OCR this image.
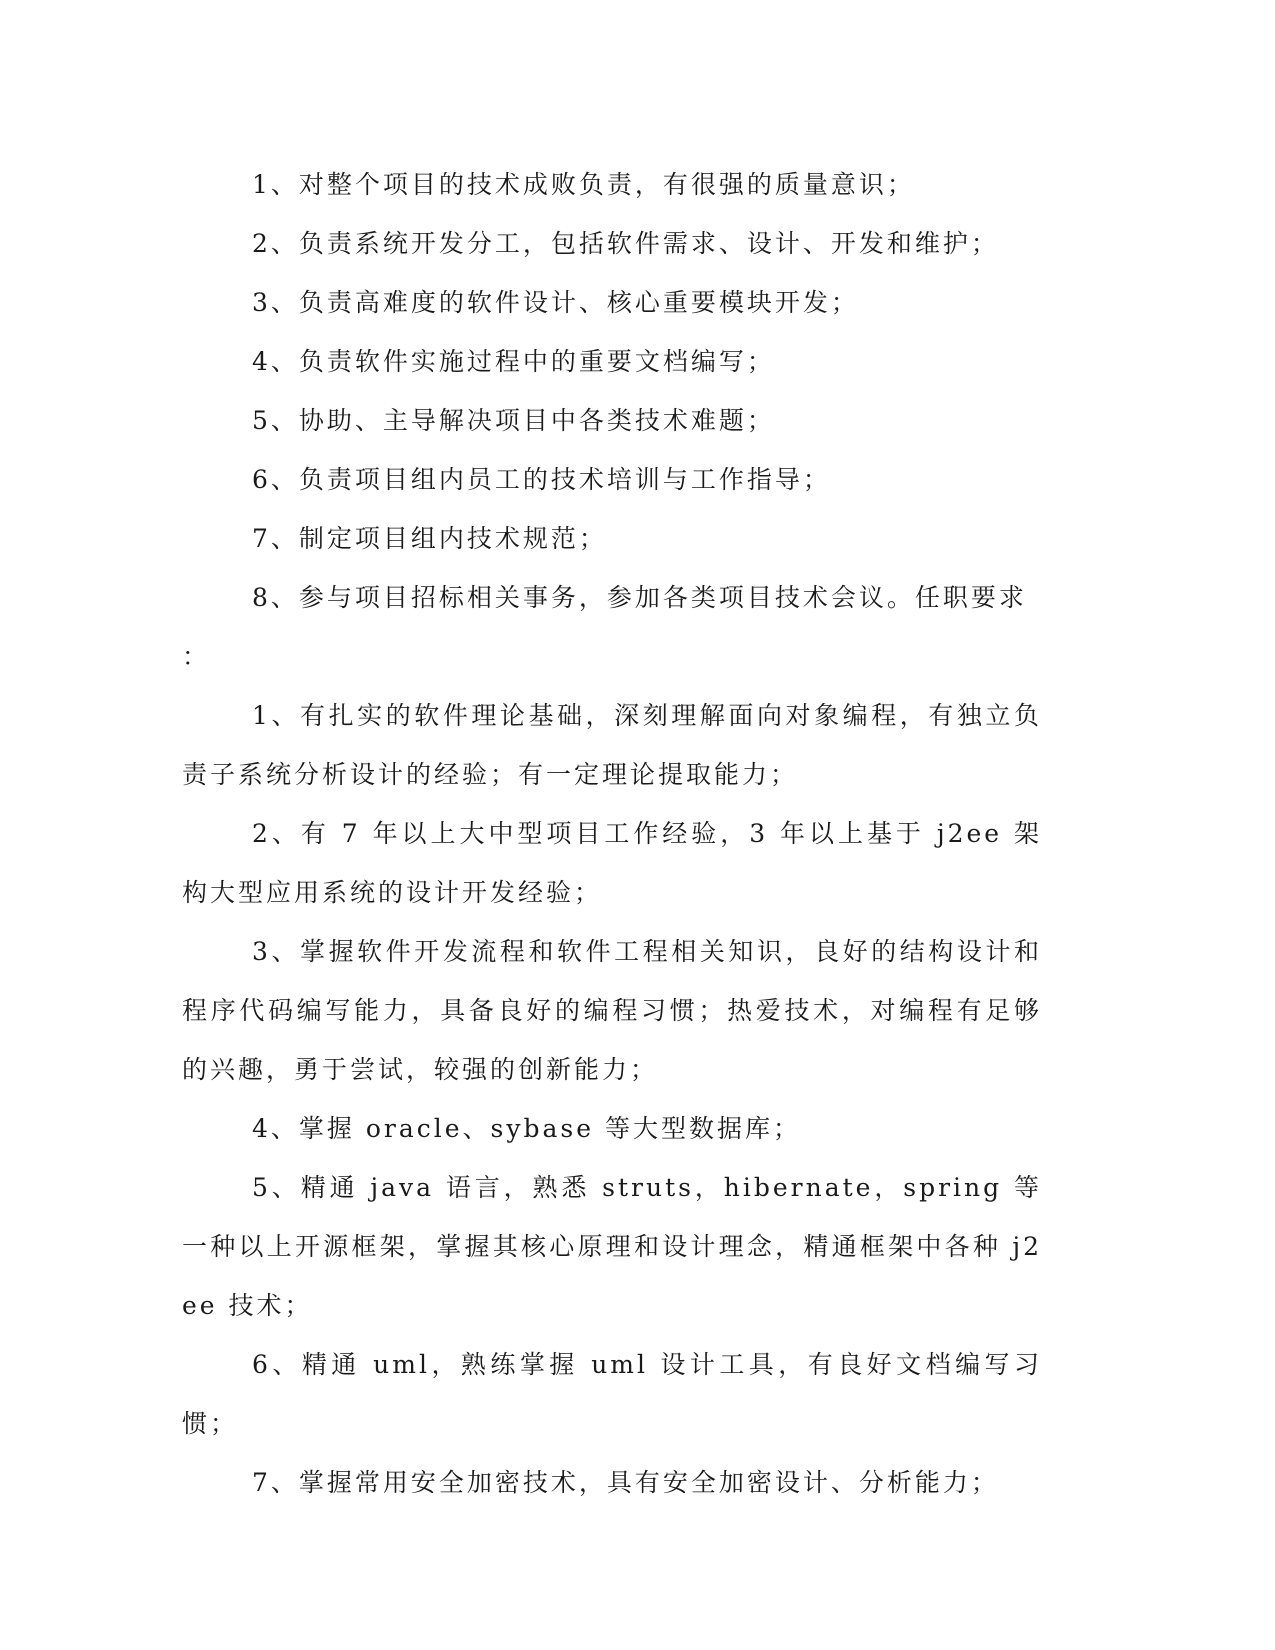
1、对整个项目的技术成败负责，有很强的质量意识；

2、负责系统开发分工，包括软件需求、设计、开发和维护；

3、负责高难度的软件设计、核心重要模块开发；

4、负责软件实施过程中的重要文档编写；

5、协助、主导解决项目中各类技术难题；

6、负责项目组内员工的技术培训与工作指导；

7、制定项目组内技术规范；

8、参与项目招标相关事务，参加各类项目技术会议。任职要求

：

1、有扎实的软件理论基础，深刻理解面向对象编程，有独立负责子系统分析设计的经验；有一定理论提取能力；

2、有 7 年以上大中型项目工作经验，3 年以上基于 j2ee 架构大型应用系统的设计开发经验；

3、掌握软件开发流程和软件工程相关知识，良好的结构设计和程序代码编写能力，具备良好的编程习惯；热爱技术，对编程有足够的兴趣，勇于尝试，较强的创新能力；

4、掌握 oracle、sybase 等大型数据库；

5、精通 java 语言，熟悉 struts，hibernate，spring 等一种以上开源框架，掌握其核心原理和设计理念，精通框架中各种 j2ee 技术；

6、精通 uml，熟练掌握 uml 设计工具，有良好文档编写习惯；

7、掌握常用安全加密技术，具有安全加密设计、分析能力；
